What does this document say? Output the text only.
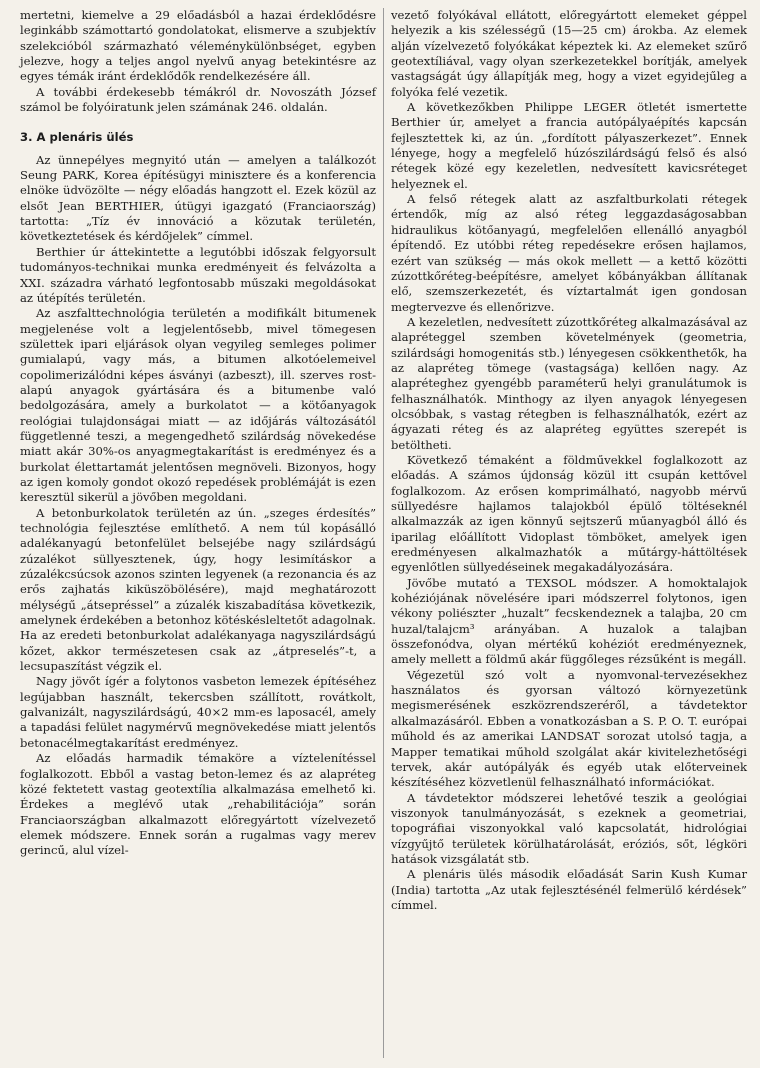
mertetni, kiemelve a 29 előadásból a hazai érdeklődésre leginkább számottartó gondolatokat, elismerve a szubjektív szelekcióból származható véleménykülönbséget, egyben jelezve, hogy a teljes angol nyelvű anyag betekintésre az egyes témák iránt érdeklődők rendelkezésére áll.

A további érdekesebb témákról dr. Novoszáth József számol be folyóiratunk jelen számának 246. oldalán.

3. A plenáris ülés

Az ünnepélyes megnyitó után — amelyen a találkozót Seung PARK, Korea építésügyi minisztere és a konferencia elnöke üdvözölte — négy előadás hangzott el. Ezek közül az elsőt Jean BERTHIER, útügyi igazgató (Franciaország) tartotta: „Tíz év innováció a közutak területén, következtetések és kérdőjelek” címmel.

Berthier úr áttekintette a legutóbbi időszak felgyorsult tudományos-technikai munka eredményeit és felvázolta a XXI. századra várható legfontosabb műszaki megoldásokat az útépítés területén.

Az aszfalttechnológia területén a modifikált bitumenek megjelenése volt a legjelentősebb, mivel tömegesen születtek ipari eljárások olyan vegyileg semleges polimer gumialapú, vagy más, a bitumen alkotóelemeivel copolimerizálódni képes ásványi (azbeszt), ill. szerves rost-alapú anyagok gyártására és a bitumenbe való bedolgozására, amely a burkolatot — a kötőanyagok reológiai tulajdonságai miatt — az időjárás változásától függetlenné teszi, a megengedhető szilárdság növekedése miatt akár 30%-os anyagmegtakarítást is eredményez és a burkolat élettartamát jelentősen megnöveli. Bizonyos, hogy az igen komoly gondot okozó repedések problémáját is ezen keresztül sikerül a jövőben megoldani.

A betonburkolatok területén az ún. „szeges érdesítés” technológia fejlesztése említhető. A nem túl kopásálló adalékanyagú betonfelület belsejébe nagy szilárdságú zúzalékot süllyesztenek, úgy, hogy lesimításkor a zúzalékcsúcsok azonos szinten legyenek (a rezonancia és az erős zajhatás kiküszöbölésére), majd meghatározott mélységű „átsepréssel” a zúzalék kiszabadítása következik, amelynek érdekében a betonhoz kötéskésleltetőt adagolnak. Ha az eredeti betonburkolat adalékanyaga nagyszilárdságú kőzet, akkor természetesen csak az „átpreselés”-t, a lecsupaszítást végzik el.

Nagy jövőt ígér a folytonos vasbeton lemezek építéséhez legújabban használt, tekercsben szállított, rovátkolt, galvanizált, nagyszilárdságú, 40×2 mm-es laposacél, amely a tapadási felület nagymérvű megnövekedése miatt jelentős betonacélmegtakarítást eredményez.

Az előadás harmadik témaköre a víztelenítéssel foglalkozott. Ebből a vastag beton-lemez és az alapréteg közé fektetett vastag geotextília alkalmazása emelhető ki. Érdekes a meglévő utak „rehabilitációja” során Franciaországban alkalmazott előregyártott vízelvezető elemek módszere. Ennek során a rugalmas vagy merev gerincű, alul vízel-

vezető folyókával ellátott, előregyártott elemeket géppel helyezik a kis szélességű (15—25 cm) árokba. Az elemek alján vízelvezető folyókákat képeztek ki. Az elemeket szűrő geotextíliával, vagy olyan szerkezetekkel borítják, amelyek vastagságát úgy állapítják meg, hogy a vizet egyidejűleg a folyóka felé vezetik.

A következőkben Philippe LEGER ötletét ismertette Berthier úr, amelyet a francia autópályaépítés kapcsán fejlesztettek ki, az ún. „fordított pályaszerkezet”. Ennek lényege, hogy a megfelelő húzószilárdságú felső és alsó rétegek közé egy kezeletlen, nedvesített kavicsréteget helyeznek el.

A felső rétegek alatt az aszfaltburkolati rétegek értendők, míg az alsó réteg leggazdaságosabban hidraulikus kötőanyagú, megfelelően ellenálló anyagból építendő. Ez utóbbi réteg repedésekre erősen hajlamos, ezért van szükség — más okok mellett — a kettő közötti zúzottkőréteg-beépítésre, amelyet kőbányákban állítanak elő, szemszerkezetét, és víztartalmát igen gondosan megtervezve és ellenőrizve.

A kezeletlen, nedvesített zúzottkőréteg alkalmazásával az alapréteggel szemben követelmények (geometria, szilárdsági homogenitás stb.) lényegesen csökkenthetők, ha az alapréteg tömege (vastagsága) kellően nagy. Az alapréteghez gyengébb paraméterű helyi granulátumok is felhasználhatók. Minthogy az ilyen anyagok lényegesen olcsóbbak, s vastag rétegben is felhasználhatók, ezért az ágyazati réteg és az alapréteg együttes szerepét is betöltheti.

Következő témaként a földművekkel foglalkozott az előadás. A számos újdonság közül itt csupán kettővel foglalkozom. Az erősen komprimálható, nagyobb mérvű süllyedésre hajlamos talajokból épülő töltéseknél alkalmazzák az igen könnyű sejtszerű műanyagból álló és iparilag előállított Vidoplast tömböket, amelyek igen eredményesen alkalmazhatók a műtárgy-háttöltések egyenlőtlen süllyedéseinek megakadályozására.

Jövőbe mutató a TEXSOL módszer. A homoktalajok kohéziójának növelésére ipari módszerrel folytonos, igen vékony poliészter „huzalt” fecskendeznek a talajba, 20 cm huzal/talajcm³ arányában. A huzalok a talajban összefonódva, olyan mértékű kohéziót eredményeznek, amely mellett a földmű akár függőleges rézsűként is megáll.

Végezetül szó volt a nyomvonal-tervezésekhez használatos és gyorsan változó környezetünk megismerésének eszközrendszeréről, a távdetektor alkalmazásáról. Ebben a vonatkozásban a S. P. O. T. európai műhold és az amerikai LANDSAT sorozat utolsó tagja, a Mapper tematikai műhold szolgálat akár kivitelezhetőségi tervek, akár autópályák és egyéb utak előterveinek készítéséhez közvetlenül felhasználható információkat.

A távdetektor módszerei lehetővé teszik a geológiai viszonyok tanulmányozását, s ezeknek a geometriai, topográfiai viszonyokkal való kapcsolatát, hidrológiai vízgyűjtő területek körülhatárolását, eróziós, sőt, légköri hatások vizsgálatát stb.

A plenáris ülés második előadását Sarin Kush Kumar (India) tartotta „Az utak fejlesztésénél felmerülő kérdések” címmel.
